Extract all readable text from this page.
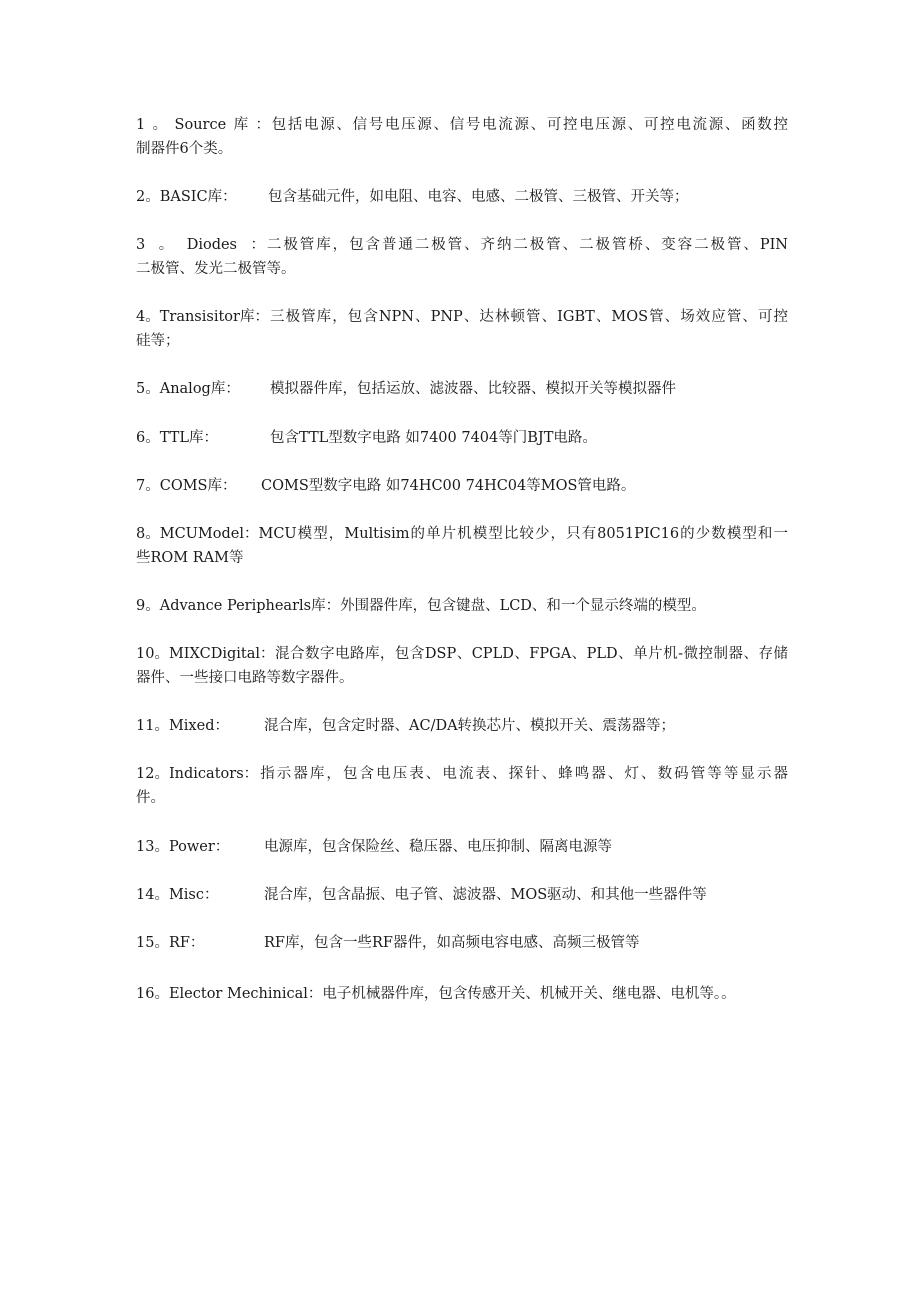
1。Source库：包括电源、信号电压源、信号电流源、可控电压源、可控电流源、函数控
制器件6个类。
2。BASIC库： 包含基础元件，如电阻、电容、电感、二极管、三极管、开关等；
3。Diodes：二极管库，包含普通二极管、齐纳二极管、二极管桥、变容二极管、PIN
二极管、发光二极管等。
4。Transisitor库：三极管库，包含NPN、PNP、达林顿管、IGBT、MOS管、场效应管、可控
硅等；
5。Analog库： 模拟器件库，包括运放、滤波器、比较器、模拟开关等模拟器件
6。TTL库：	包含TTL型数字电路 如7400 7404等门BJT电路。
7。COMS库： COMS型数字电路 如74HC00 74HC04等MOS管电路。
8。MCUModel：MCU模型，Multisim的单片机模型比较少，只有8051PIC16的少数模型和一
些ROM RAM等
9。Advance Periphearls库：外围器件库，包含键盘、LCD、和一个显示终端的模型。
10。MIXCDigital：混合数字电路库，包含DSP、CPLD、FPGA、PLD、单片机-微控制器、存储
器件、一些接口电路等数字器件。
11。Mixed： 混合库，包含定时器、AC/DA转换芯片、模拟开关、震荡器等；
12。Indicators：指示器库，包含电压表、电流表、探针、蜂鸣器、灯、数码管等等显示器
件。
13。Power： 电源库，包含保险丝、稳压器、电压抑制、隔离电源等
14。Misc：	混合库，包含晶振、电子管、滤波器、MOS驱动、和其他一些器件等
15。RF：	RF库，包含一些RF器件，如高频电容电感、高频三极管等
16。Elector Mechinical：电子机械器件库，包含传感开关、机械开关、继电器、电机等。。
